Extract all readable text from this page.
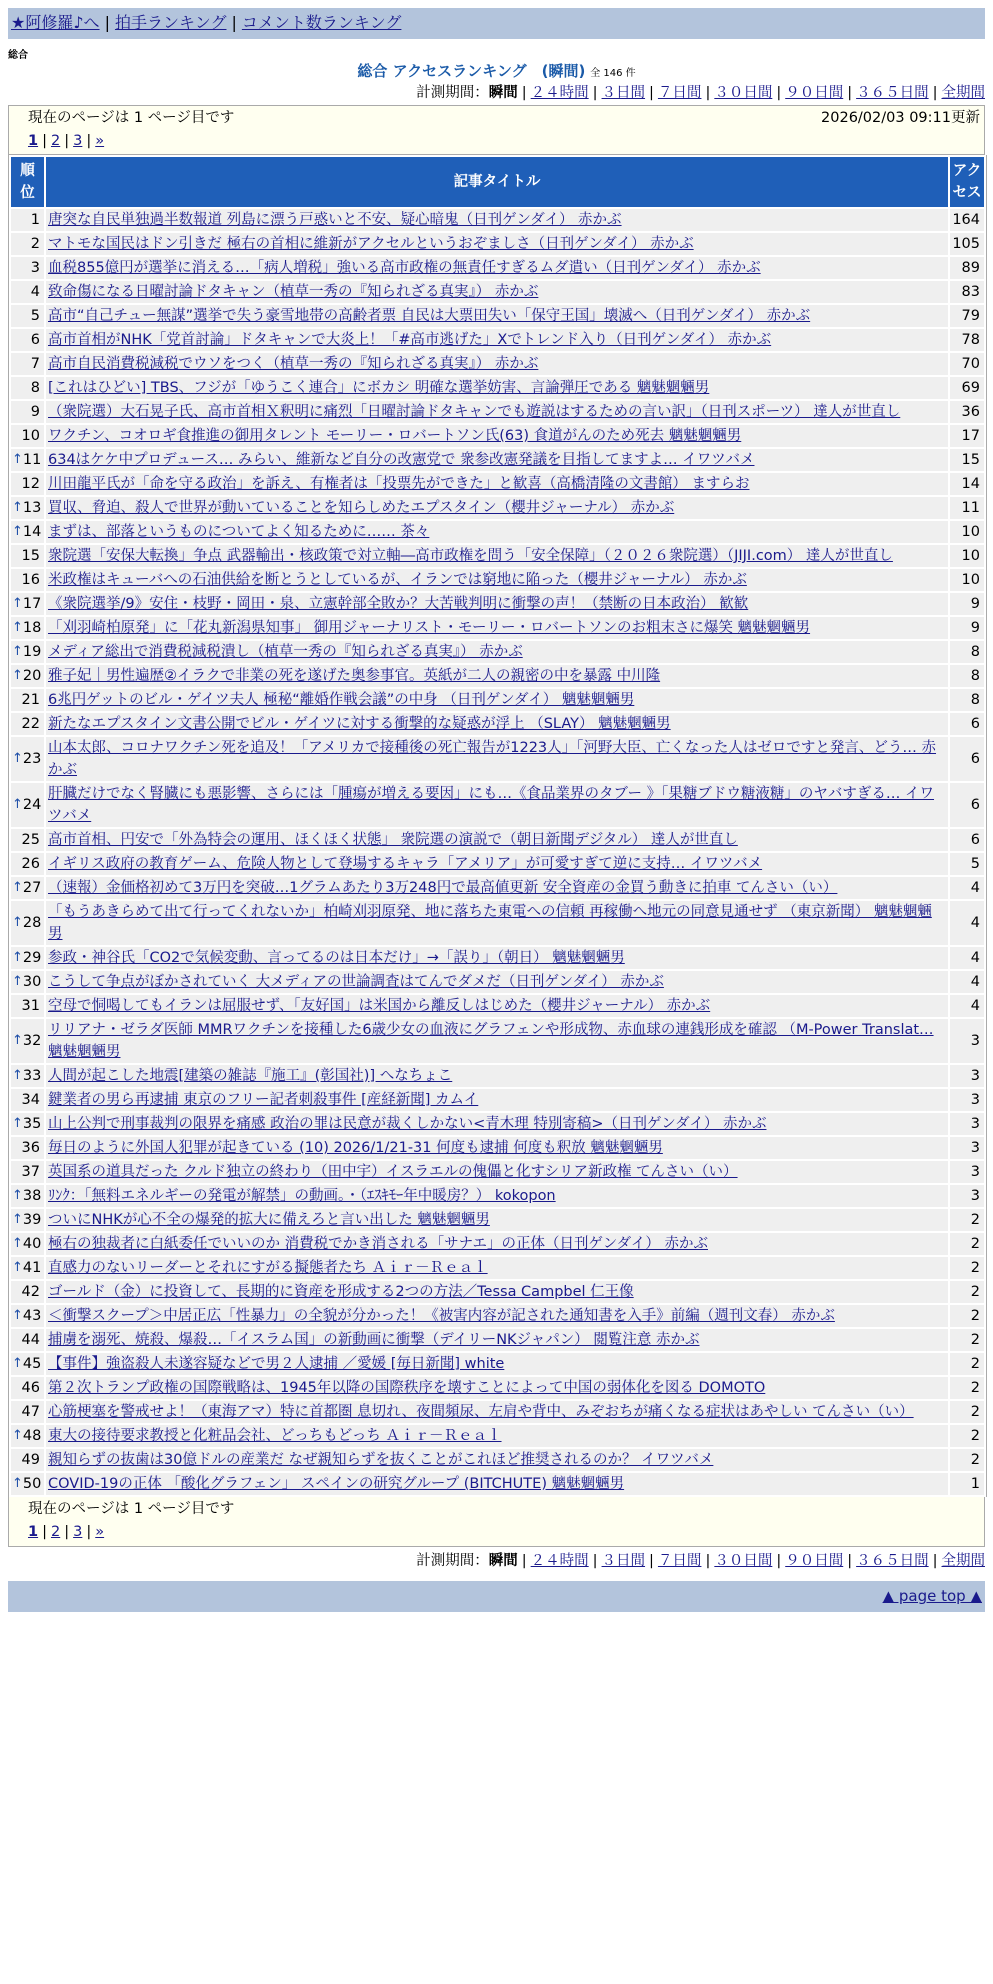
★阿修羅♪へ | 拍手ランキング | コメント数ランキング
総合
総合 アクセスランキング　(瞬間) 全 146 件
計測期間：瞬間 | ２４時間 | ３日間 | ７日間 | ３０日間 | ９０日間 | ３６５日間 | 全期間
現在のページは 1 ページ目です	2026/02/03 09:11更新
1 | 2 | 3 | »
順
位	記事タイトル	アク
セス
1	唐突な自民単独過半数報道 列島に漂う戸惑いと不安、疑心暗鬼（日刊ゲンダイ） 赤かぶ	164
2	マトモな国民はドン引きだ 極右の首相に維新がアクセルというおぞましさ（日刊ゲンダイ） 赤かぶ	105
3	血税855億円が選挙に消える…「病人増税」強いる高市政権の無責任すぎるムダ遣い（日刊ゲンダイ） 赤かぶ	89
4	致命傷になる日曜討論ドタキャン（植草一秀の『知られざる真実』） 赤かぶ	83
5	高市“自己チュー無謀”選挙で失う豪雪地帯の高齢者票 自民は大票田失い「保守王国」壊滅へ（日刊ゲンダイ） 赤かぶ	79
6	高市首相がNHK「党首討論」ドタキャンで大炎上！「#高市逃げた」Xでトレンド入り（日刊ゲンダイ） 赤かぶ	78
7	高市自民消費税減税でウソをつく（植草一秀の『知られざる真実』） 赤かぶ	70
8	[これはひどい] TBS、フジが「ゆうこく連合」にボカシ 明確な選挙妨害、言論弾圧である 魑魅魍魎男	69
9	（衆院選）大石晃子氏、高市首相Ｘ釈明に痛烈「日曜討論ドタキャンでも遊説はするための言い訳」（日刊スポーツ） 達人が世直し	36
10	ワクチン、コオロギ食推進の御用タレント モーリー・ロバートソン氏(63) 食道がんのため死去 魑魅魍魎男	17

↑ 11	634はケケ中プロデュース… みらい、維新など自分の改憲党で 衆参改憲発議を目指してますよ… イワツバメ	15
12	川田龍平氏が「命を守る政治」を訴え、有権者は「投票先ができた」と歓喜（高橋清隆の文書館） ますらお	14

↑ 13	買収、脅迫、殺人で世界が動いていることを知らしめたエプスタイン（櫻井ジャーナル） 赤かぶ	11

↑ 14	まずは、部落というものについてよく知るために…… 茶々	10
15	衆院選「安保大転換」争点 武器輸出・核政策で対立軸―高市政権を問う「安全保障」（２０２６衆院選）（JIJI.com） 達人が世直し	10
16	米政権はキューバへの石油供給を断とうとしているが、イランでは窮地に陥った（櫻井ジャーナル） 赤かぶ	10

↑ 17	《衆院選挙/9》安住・枝野・岡田・泉、立憲幹部全敗か？大苦戦判明に衝撃の声！（禁断の日本政治） 歓歓	9

↑ 18	「刈羽崎柏原発」に「花丸新潟県知事」 御用ジャーナリスト・モーリー・ロバートソンのお粗末さに爆笑 魑魅魍魎男	9

↑ 19	メディア総出で消費税減税潰し（植草一秀の『知られざる真実』） 赤かぶ	8

↑ 20	雅子妃｜男性遍歴②イラクで非業の死を遂げた奥参事官。英紙が二人の親密の中を暴露 中川隆	8
21	6兆円ゲットのビル・ゲイツ夫人 極秘“離婚作戦会議”の中身 （日刊ゲンダイ） 魑魅魍魎男	8
22	新たなエプスタイン文書公開でビル・ゲイツに対する衝撃的な疑惑が浮上 （SLAY） 魑魅魍魎男	6

↑ 23	山本太郎、コロナワクチン死を追及！「アメリカで接種後の死亡報告が1223人」「河野大臣、亡くなった人はゼロですと発言、どう… 赤かぶ	6

↑ 24	肝臓だけでなく腎臓にも悪影響、さらには「腫瘍が増える要因」にも…《食品業界のタブー 》「果糖ブドウ糖液糖」のヤバすぎる… イワツバメ	6
25	高市首相、円安で「外為特会の運用、ほくほく状態」 衆院選の演説で（朝日新聞デジタル） 達人が世直し	6
26	イギリス政府の教育ゲーム、危険人物として登場するキャラ「アメリア」が可愛すぎて逆に支持… イワツバメ	5

↑ 27	（速報）金価格初めて3万円を突破…1グラムあたり3万248円で最高値更新 安全資産の金買う動きに拍車 てんさい（い）	4

↑ 28	「もうあきらめて出て行ってくれないか」柏崎刈羽原発、地に落ちた東電への信頼 再稼働へ地元の同意見通せず （東京新聞） 魑魅魍魎男	4

↑ 29	参政・神谷氏「CO2で気候変動、言ってるのは日本だけ」→「誤り」（朝日） 魑魅魍魎男	4

↑ 30	こうして争点がぼかされていく 大メディアの世論調査はてんでダメだ（日刊ゲンダイ） 赤かぶ	4
31	空母で恫喝してもイランは屈服せず、「友好国」は米国から離反しはじめた（櫻井ジャーナル） 赤かぶ	4

↑ 32	リリアナ・ゼラダ医師 MMRワクチンを接種した6歳少女の血液にグラフェンや形成物、赤血球の連銭形成を確認 （M-Power Translat… 魑魅魍魎男	3

↑ 33	人間が起こした地震[建築の雑誌『施工』(彰国社)] へなちょこ	3
34	鍵業者の男ら再逮捕 東京のフリー記者刺殺事件 [産経新聞] カムイ	3

↑ 35	山上公判で刑事裁判の限界を痛感 政治の罪は民意が裁くしかない<青木理 特別寄稿>（日刊ゲンダイ） 赤かぶ	3
36	毎日のように外国人犯罪が起きている (10) 2026/1/21-31 何度も逮捕 何度も釈放 魑魅魍魎男	3
37	英国系の道具だった クルド独立の終わり（田中宇）イスラエルの傀儡と化すシリア新政権 てんさい（い）	3

↑ 38	ﾘﾝｸ：「無料エネルギーの発電が解禁」の動画。・（ｴｽｷﾓｰ年中暖房？） kokopon	3

↑ 39	ついにNHKが心不全の爆発的拡大に備えろと言い出した 魑魅魍魎男	2

↑ 40	極右の独裁者に白紙委任でいいのか 消費税でかき消される「サナエ」の正体（日刊ゲンダイ） 赤かぶ	2

↑ 41	直感力のないリーダーとそれにすがる擬態者たち Ａｉｒ－Ｒｅａｌ	2
42	ゴールド（金）に投資して、長期的に資産を形成する2つの方法／Tessa Campbel 仁王像	2

↑ 43	＜衝撃スクープ＞中居正広「性暴力」の全貌が分かった！《被害内容が記された通知書を入手》前編（週刊文春） 赤かぶ	2
44	捕虜を溺死、焼殺、爆殺…「イスラム国」の新動画に衝撃（デイリーNKジャパン） 閲覧注意 赤かぶ	2

↑ 45	【事件】強盗殺人未遂容疑などで男２人逮捕 ／愛媛 [毎日新聞] white	2
46	第２次トランプ政権の国際戦略は、1945年以降の国際秩序を壊すことによって中国の弱体化を図る DOMOTO	2
47	心筋梗塞を警戒せよ！（東海アマ）特に首都圏 息切れ、夜間頻尿、左肩や背中、みぞおちが痛くなる症状はあやしい てんさい（い）	2

↑ 48	東大の接待要求教授と化粧品会社、どっちもどっち Ａｉｒ－Ｒｅａｌ	2
49	親知らずの抜歯は30億ドルの産業だ なぜ親知らずを抜くことがこれほど推奨されるのか？ イワツバメ	2

↑ 50	COVID-19の正体 「酸化グラフェン」 スペインの研究グループ (BITCHUTE) 魑魅魍魎男	1
現在のページは 1 ページ目です
1 | 2 | 3 | »
計測期間：瞬間 | ２４時間 | ３日間 | ７日間 | ３０日間 | ９０日間 | ３６５日間 | 全期間
▲ page top ▲
